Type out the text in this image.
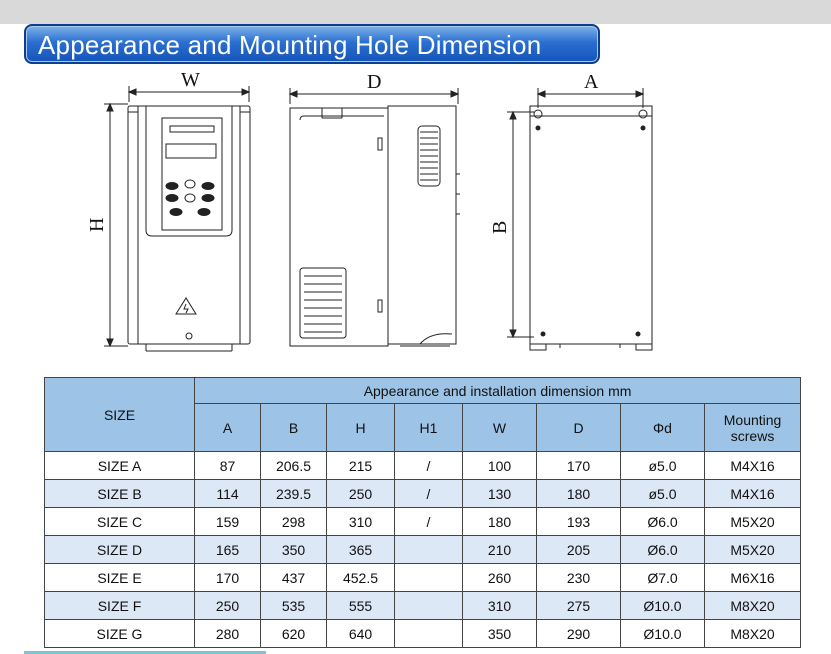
Appearance and Mounting Hole Dimension
W
H
D	A
B
PRG	DATA
ESC
RUN	STOP
SIZE	Appearance and installation dimension mm							
	A	B	H	H1	W	D	Φd	Mounting screws
SIZE A	87	206.5	215	/	100	170	ø5.0	M4X16
SIZE B	114	239.5	250	/	130	180	ø5.0	M4X16
SIZE C	159	298	310	/	180	193	Ø6.0	M5X20
SIZE D	165	350	365		210	205	Ø6.0	M5X20
SIZE E	170	437	452.5		260	230	Ø7.0	M6X16
SIZE F	250	535	555		310	275	Ø10.0	M8X20
SIZE G	280	620	640		350	290	Ø10.0	M8X20
